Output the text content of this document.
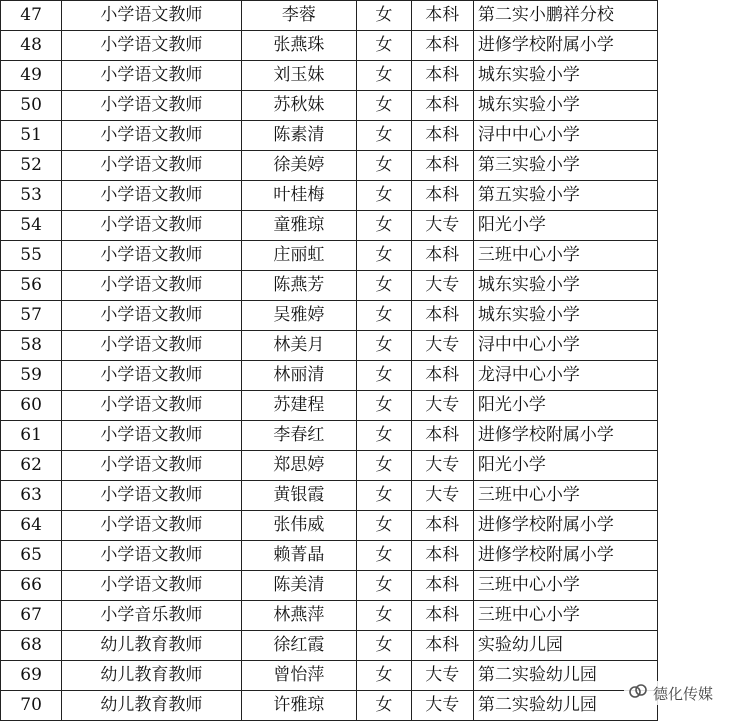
47	小学语文教师	李蓉	女	本科	第二实小鹏祥分校	
48	小学语文教师	张燕珠	女	本科	进修学校附属小学	
49	小学语文教师	刘玉妹	女	本科	城东实验小学	
50	小学语文教师	苏秋妹	女	本科	城东实验小学	
51	小学语文教师	陈素清	女	本科	浔中中心小学	
52	小学语文教师	徐美婷	女	本科	第三实验小学	
53	小学语文教师	叶桂梅	女	本科	第五实验小学	
54	小学语文教师	童雅琼	女	大专	阳光小学	
55	小学语文教师	庄丽虹	女	本科	三班中心小学	
56	小学语文教师	陈燕芳	女	大专	城东实验小学	
57	小学语文教师	吴雅婷	女	本科	城东实验小学	
58	小学语文教师	林美月	女	大专	浔中中心小学	
59	小学语文教师	林丽清	女	本科	龙浔中心小学	
60	小学语文教师	苏建程	女	大专	阳光小学	
61	小学语文教师	李春红	女	本科	进修学校附属小学	
62	小学语文教师	郑思婷	女	大专	阳光小学	
63	小学语文教师	黄银霞	女	大专	三班中心小学	
64	小学语文教师	张伟威	女	本科	进修学校附属小学	
65	小学语文教师	赖菁晶	女	本科	进修学校附属小学	
66	小学语文教师	陈美清	女	本科	三班中心小学	
67	小学音乐教师	林燕萍	女	本科	三班中心小学	
68	幼儿教育教师	徐红霞	女	本科	实验幼儿园	
69	幼儿教育教师	曾怡萍	女	大专	第二实验幼儿园	
70	幼儿教育教师	许雅琼	女	大专	第二实验幼儿园	
德化传媒
